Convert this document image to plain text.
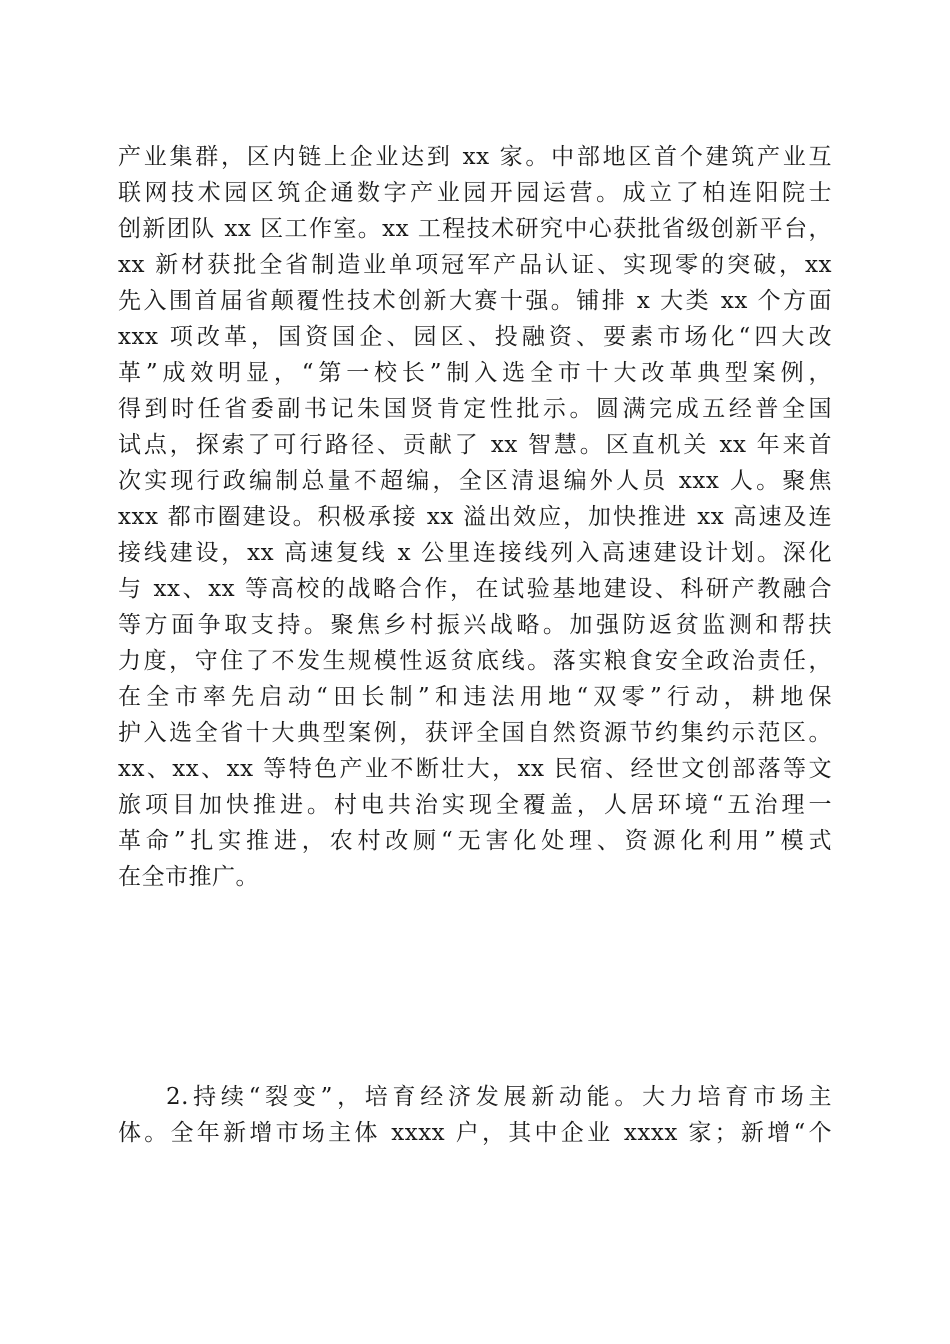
产业集群，区内链上企业达到 xx 家。中部地区首个建筑产业互
联网技术园区筑企通数字产业园开园运营。成立了柏连阳院士
创新团队 xx 区工作室。xx 工程技术研究中心获批省级创新平台，
xx 新材获批全省制造业单项冠军产品认证、实现零的突破，xx
先入围首届省颠覆性技术创新大赛十强。铺排 x 大类 xx 个方面
xxx 项改革，国资国企、园区、投融资、要素市场化“四大改
革”成效明显，“第一校长”制入选全市十大改革典型案例，
得到时任省委副书记朱国贤肯定性批示。圆满完成五经普全国
试点，探索了可行路径、贡献了 xx 智慧。区直机关 xx 年来首
次实现行政编制总量不超编，全区清退编外人员 xxx 人。聚焦
xxx 都市圈建设。积极承接 xx 溢出效应，加快推进 xx 高速及连
接线建设，xx 高速复线 x 公里连接线列入高速建设计划。深化
与 xx、xx 等高校的战略合作，在试验基地建设、科研产教融合
等方面争取支持。聚焦乡村振兴战略。加强防返贫监测和帮扶
力度，守住了不发生规模性返贫底线。落实粮食安全政治责任，
在全市率先启动“田长制”和违法用地“双零”行动，耕地保
护入选全省十大典型案例，获评全国自然资源节约集约示范区。
xx、xx、xx 等特色产业不断壮大，xx 民宿、经世文创部落等文
旅项目加快推进。村电共治实现全覆盖，人居环境“五治理一
革命”扎实推进，农村改厕“无害化处理、资源化利用”模式
在全市推广。
2.持续“裂变”，培育经济发展新动能。大力培育市场主
体。全年新增市场主体 xxxx 户，其中企业 xxxx 家；新增“个
